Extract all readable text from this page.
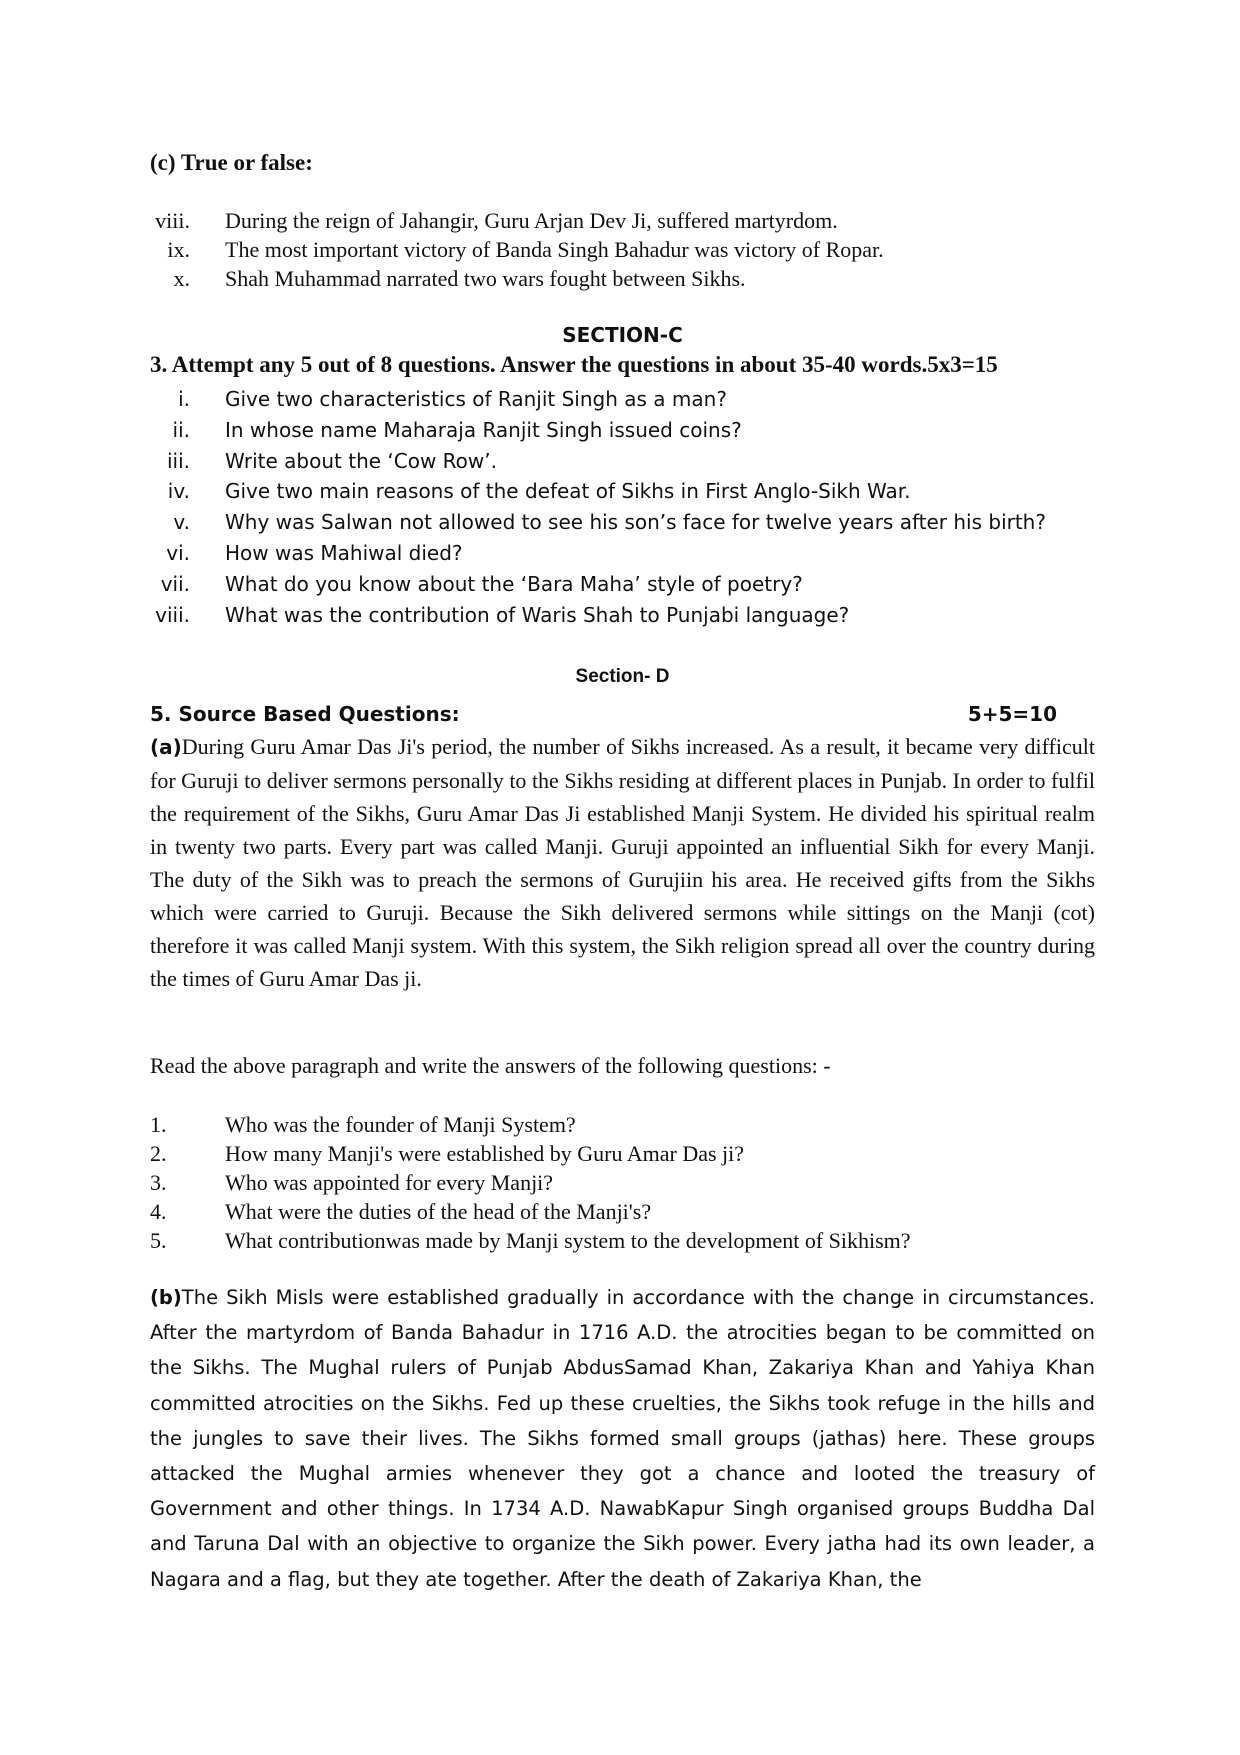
(c) True or false:
viii. During the reign of Jahangir, Guru Arjan Dev Ji, suffered martyrdom.
ix. The most important victory of Banda Singh Bahadur was victory of Ropar.
x. Shah Muhammad narrated two wars fought between Sikhs.
SECTION-C
3. Attempt any 5 out of 8 questions. Answer the questions in about 35-40 words.5x3=15
i. Give two characteristics of Ranjit Singh as a man?
ii. In whose name Maharaja Ranjit Singh issued coins?
iii. Write about the ‘Cow Row’.
iv. Give two main reasons of the defeat of Sikhs in First Anglo-Sikh War.
v. Why was Salwan not allowed to see his son’s face for twelve years after his birth?
vi. How was Mahiwal died?
vii. What do you know about the ‘Bara Maha’ style of poetry?
viii. What was the contribution of Waris Shah to Punjabi language?
Section- D
5. Source Based Questions:	5+5=10

(a)During Guru Amar Das Ji's period, the number of Sikhs increased. As a result, it became very difficult for Guruji to deliver sermons personally to the Sikhs residing at different places in Punjab. In order to fulfil the requirement of the Sikhs, Guru Amar Das Ji established Manji System. He divided his spiritual realm in twenty two parts. Every part was called Manji. Guruji appointed an influential Sikh for every Manji. The duty of the Sikh was to preach the sermons of Gurujiin his area. He received gifts from the Sikhs which were carried to Guruji. Because the Sikh delivered sermons while sittings on the Manji (cot) therefore it was called Manji system. With this system, the Sikh religion spread all over the country during the times of Guru Amar Das ji.

Read the above paragraph and write the answers of the following questions: -
1.	Who was the founder of Manji System?
2.	How many Manji's were established by Guru Amar Das ji?
3.	Who was appointed for every Manji?
4.	What were the duties of the head of the Manji's?
5.	What contributionwas made by Manji system to the development of Sikhism?

(b)The Sikh Misls were established gradually in accordance with the change in circumstances. After the martyrdom of Banda Bahadur in 1716 A.D. the atrocities began to be committed on the Sikhs. The Mughal rulers of Punjab AbdusSamad Khan, Zakariya Khan and Yahiya Khan committed atrocities on the Sikhs. Fed up these cruelties, the Sikhs took refuge in the hills and the jungles to save their lives. The Sikhs formed small groups (jathas) here. These groups attacked the Mughal armies whenever they got a chance and looted the treasury of Government and other things. In 1734 A.D. NawabKapur Singh organised groups Buddha Dal and Taruna Dal with an objective to organize the Sikh power. Every jatha had its own leader, a Nagara and a flag, but they ate together. After the death of Zakariya Khan, the
